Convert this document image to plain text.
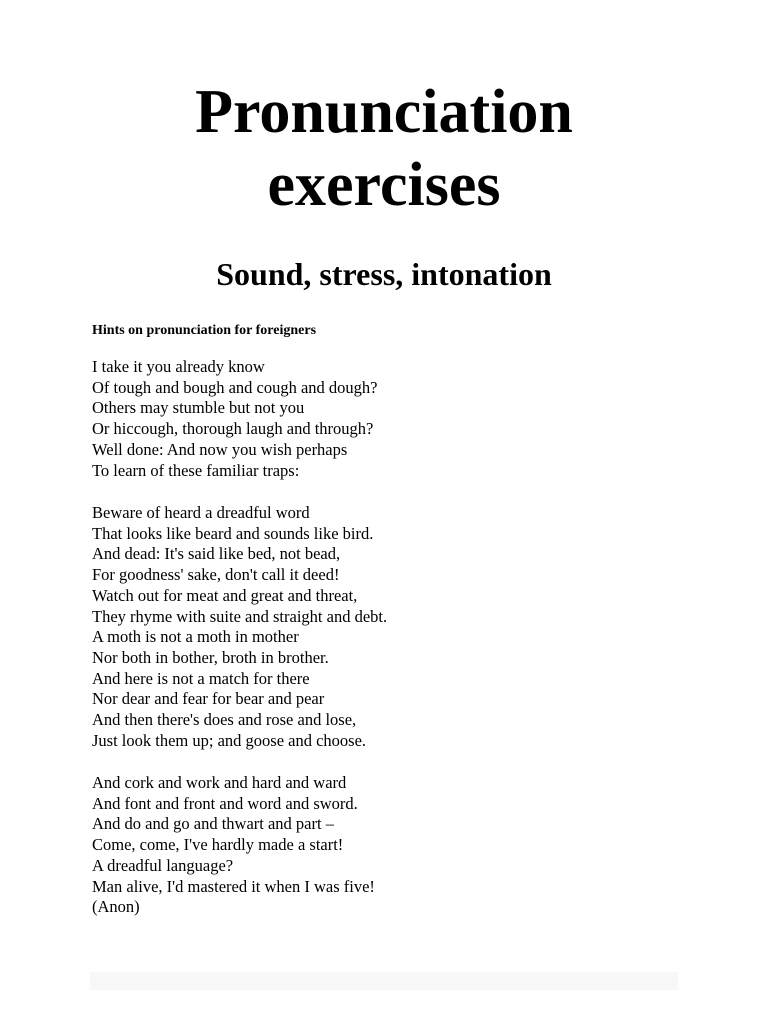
Pronunciation
exercises
Sound, stress, intonation

Hints on pronunciation for foreigners

I take it you already know
Of tough and bough and cough and dough?
Others may stumble but not you
Or hiccough, thorough laugh and through?
Well done: And now you wish perhaps
To learn of these familiar traps:
Beware of heard a dreadful word
That looks like beard and sounds like bird.
And dead: It's said like bed, not bead,
For goodness' sake, don't call it deed!
Watch out for meat and great and threat,
They rhyme with suite and straight and debt.
A moth is not a moth in mother
Nor both in bother, broth in brother.
And here is not a match for there
Nor dear and fear for bear and pear
And then there's does and rose and lose,
Just look them up; and goose and choose.
And cork and work and hard and ward
And font and front and word and sword.
And do and go and thwart and part –
Come, come, I've hardly made a start!
A dreadful language?
Man alive, I'd mastered it when I was five!
(Anon)
